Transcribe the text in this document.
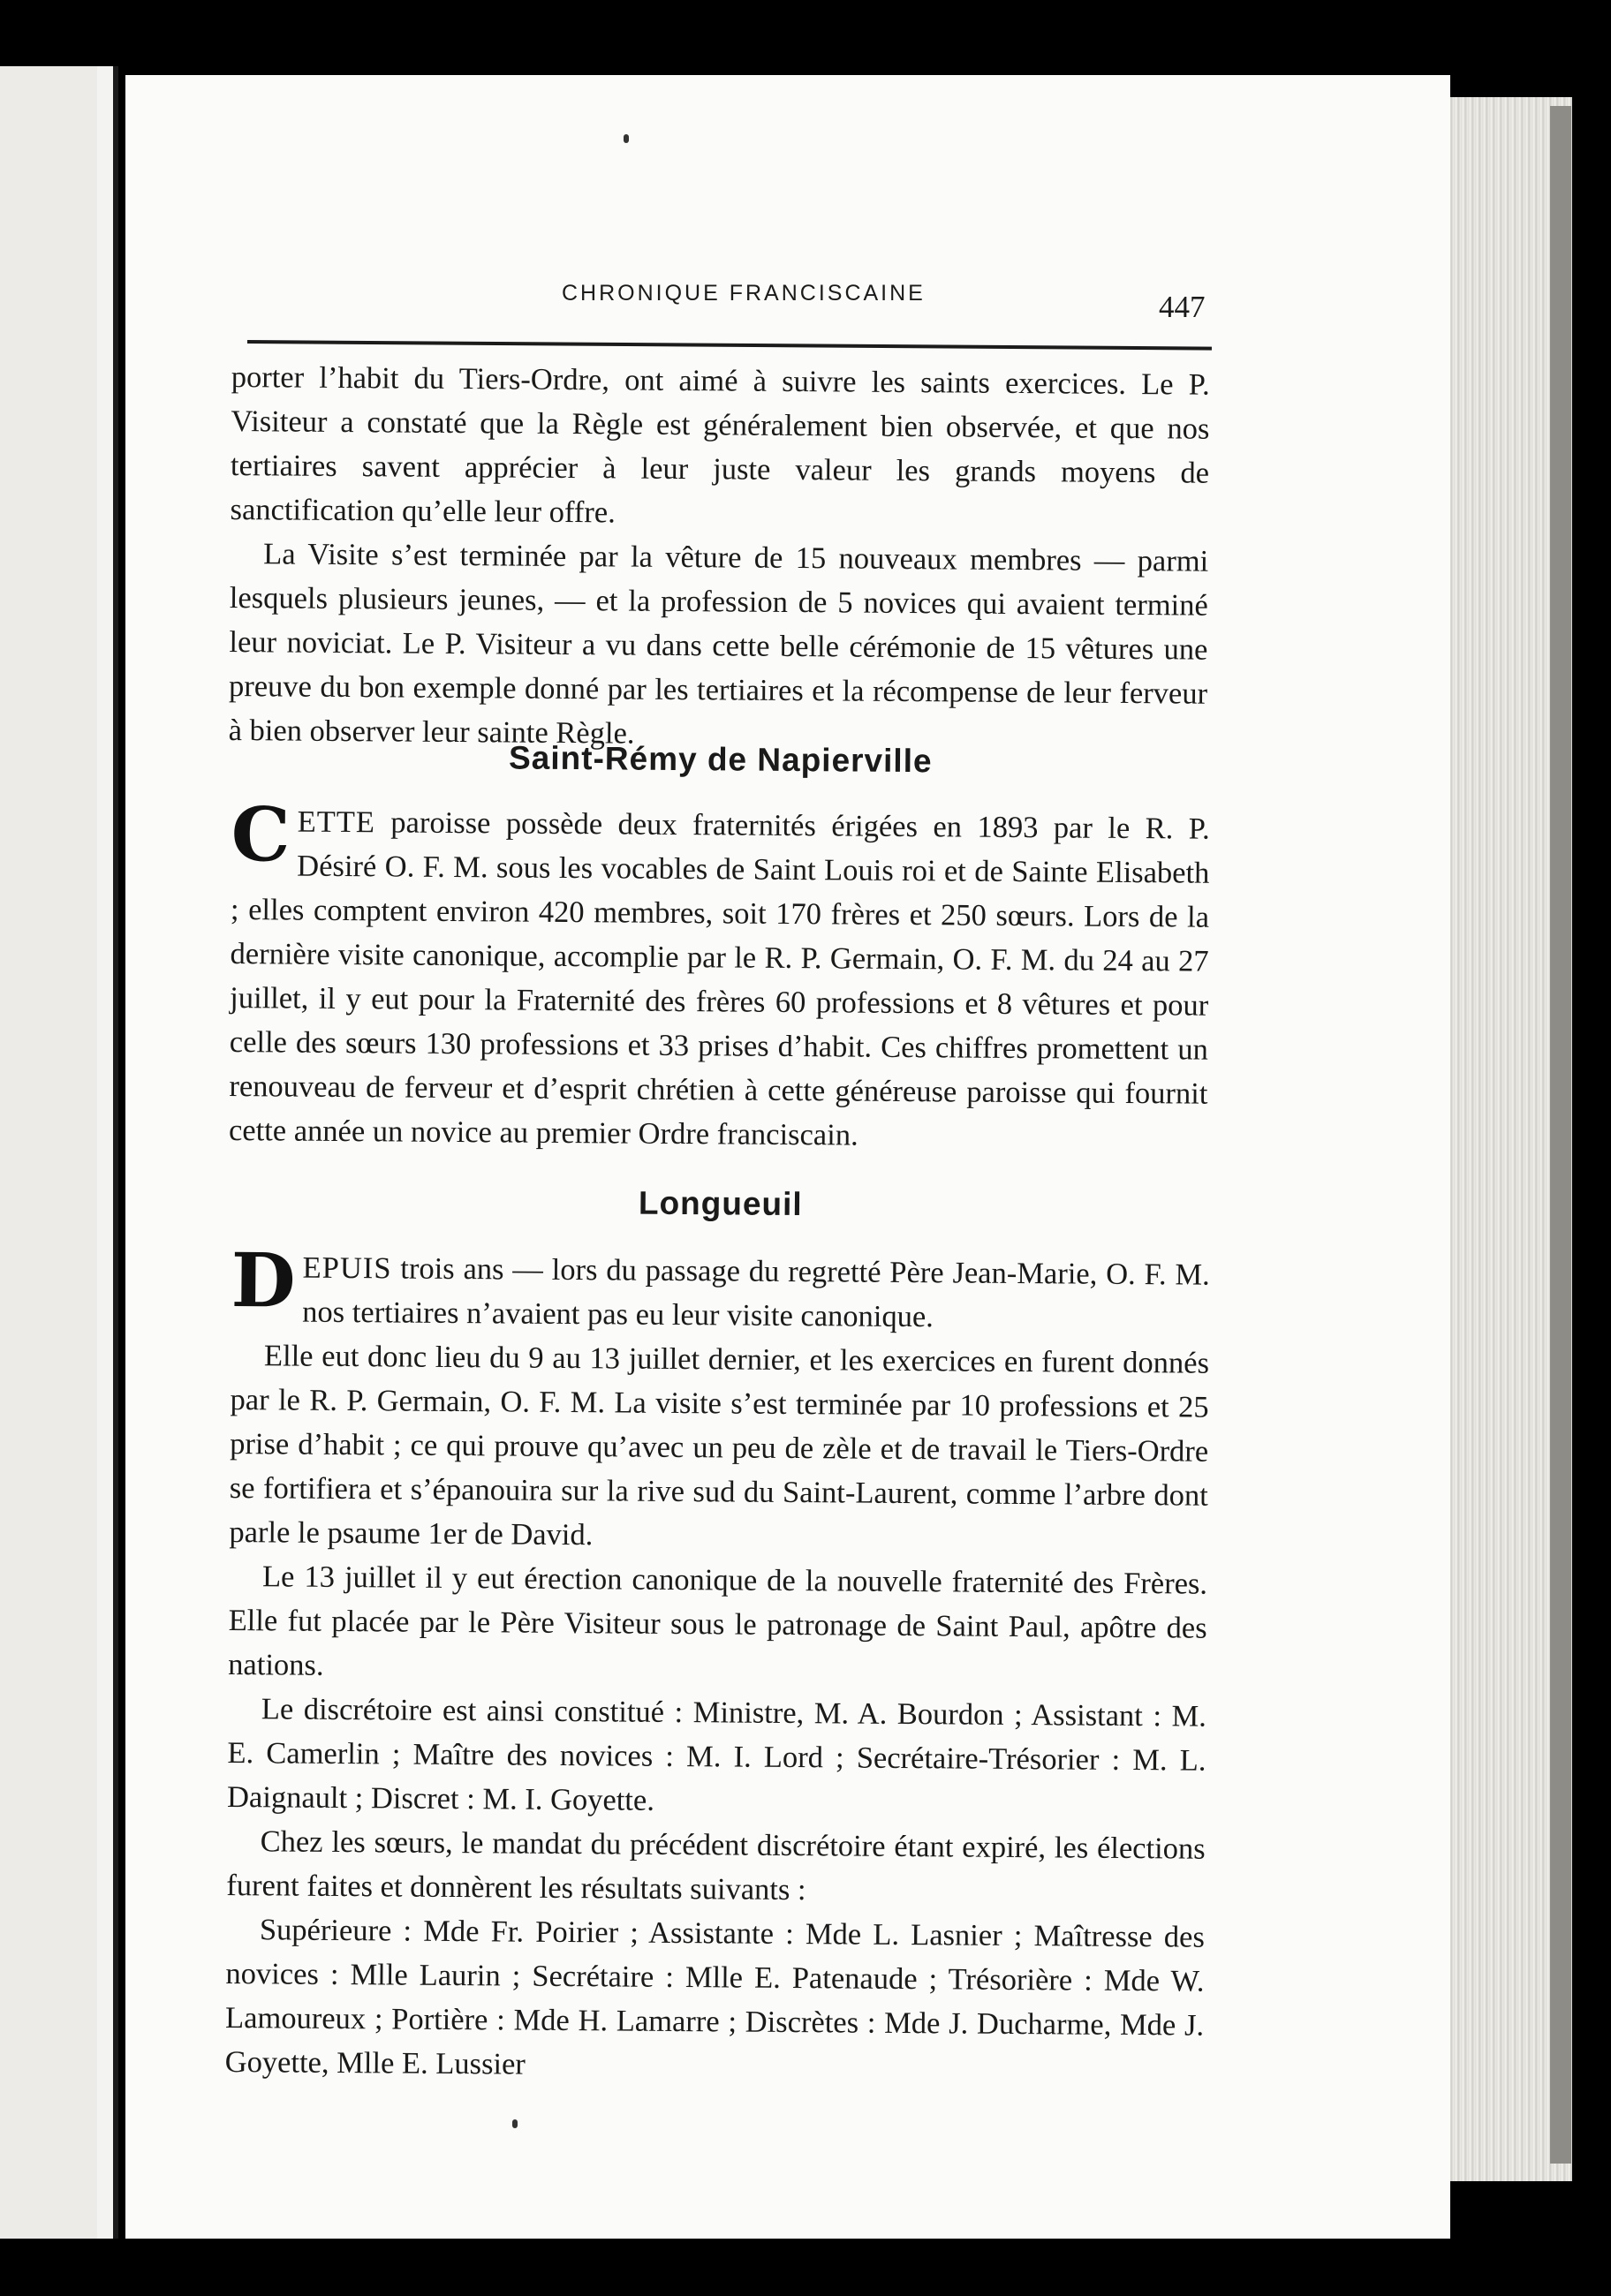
CHRONIQUE FRANCISCAINE	447

porter l’habit du Tiers-Ordre, ont aimé à suivre les saints exercices. Le P. Visiteur a constaté que la Règle est généralement bien observée, et que nos tertiaires savent apprécier à leur juste valeur les grands moyens de sanctification qu’elle leur offre.

La Visite s’est terminée par la vêture de 15 nouveaux membres — parmi lesquels plusieurs jeunes, — et la profession de 5 novices qui avaient terminé leur noviciat. Le P. Visiteur a vu dans cette belle cérémonie de 15 vêtures une preuve du bon exemple donné par les tertiaires et la récompense de leur ferveur à bien observer leur sainte Règle.

Saint-Rémy de Napierville

CETTE paroisse possède deux fraternités érigées en 1893 par le R. P. Désiré O. F. M. sous les vocables de Saint Louis roi et de Sainte Elisabeth ; elles comptent environ 420 membres, soit 170 frères et 250 sœurs. Lors de la dernière visite canonique, accomplie par le R. P. Germain, O. F. M. du 24 au 27 juillet, il y eut pour la Fraternité des frères 60 professions et 8 vêtures et pour celle des sœurs 130 professions et 33 prises d’habit. Ces chiffres promettent un renouveau de ferveur et d’esprit chrétien à cette généreuse paroisse qui fournit cette année un novice au premier Ordre franciscain.

Longueuil

DEPUIS trois ans — lors du passage du regretté Père Jean-Marie, O. F. M. nos tertiaires n’avaient pas eu leur visite canonique.

Elle eut donc lieu du 9 au 13 juillet dernier, et les exercices en furent donnés par le R. P. Germain, O. F. M. La visite s’est terminée par 10 professions et 25 prise d’habit ; ce qui prouve qu’avec un peu de zèle et de travail le Tiers-Ordre se fortifiera et s’épanouira sur la rive sud du Saint-Laurent, comme l’arbre dont parle le psaume 1er de David.

Le 13 juillet il y eut érection canonique de la nouvelle fraternité des Frères. Elle fut placée par le Père Visiteur sous le patronage de Saint Paul, apôtre des nations.

Le discrétoire est ainsi constitué : Ministre, M. A. Bourdon ; Assistant : M. E. Camerlin ; Maître des novices : M. I. Lord ; Secrétaire-Trésorier : M. L. Daignault ; Discret : M. I. Goyette.

Chez les sœurs, le mandat du précédent discrétoire étant expiré, les élections furent faites et donnèrent les résultats suivants :

Supérieure : Mde Fr. Poirier ; Assistante : Mde L. Lasnier ; Maîtresse des novices : Mlle Laurin ; Secrétaire : Mlle E. Patenaude ; Trésorière : Mde W. Lamoureux ; Portière : Mde H. Lamarre ; Discrètes : Mde J. Ducharme, Mde J. Goyette, Mlle E. Lussier
